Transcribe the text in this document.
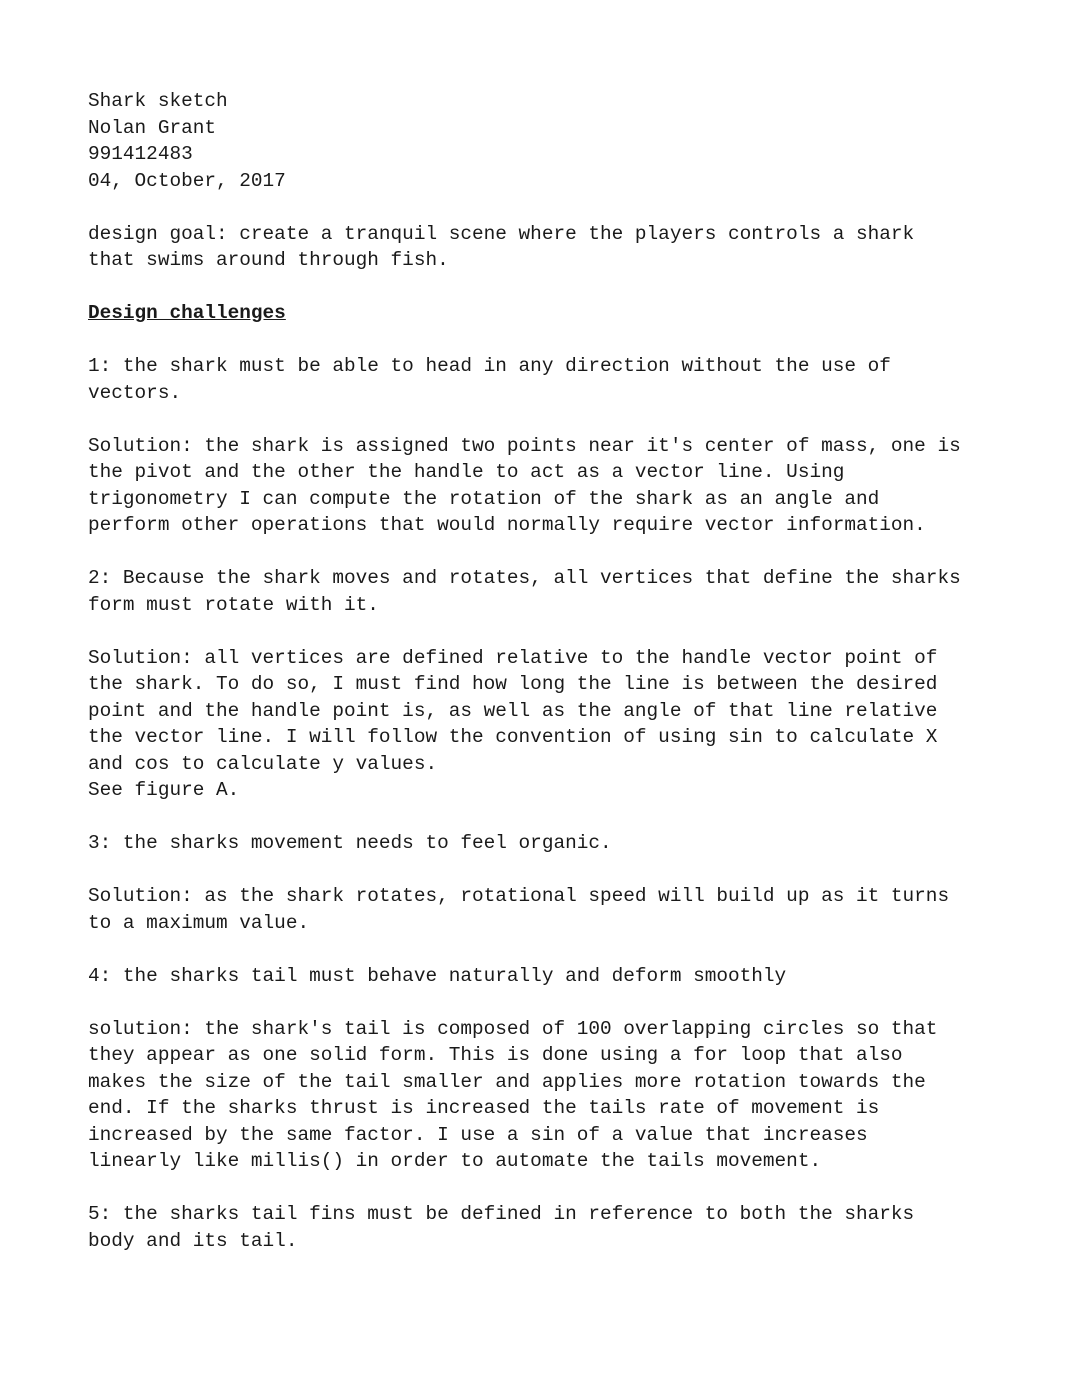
Shark sketch
Nolan Grant
991412483
04, October, 2017
design goal: create a tranquil scene where the players controls a shark
that swims around through fish.
Design challenges
1: the shark must be able to head in any direction without the use of
vectors.
Solution: the shark is assigned two points near it's center of mass, one is
the pivot and the other the handle to act as a vector line. Using
trigonometry I can compute the rotation of the shark as an angle and
perform other operations that would normally require vector information.
2: Because the shark moves and rotates, all vertices that define the sharks
form must rotate with it.
Solution: all vertices are defined relative to the handle vector point of
the shark. To do so, I must find how long the line is between the desired
point and the handle point is, as well as the angle of that line relative
the vector line. I will follow the convention of using sin to calculate X
and cos to calculate y values.
See figure A.
3: the sharks movement needs to feel organic.
Solution: as the shark rotates, rotational speed will build up as it turns
to a maximum value.
4: the sharks tail must behave naturally and deform smoothly
solution: the shark's tail is composed of 100 overlapping circles so that
they appear as one solid form. This is done using a for loop that also
makes the size of the tail smaller and applies more rotation towards the
end. If the sharks thrust is increased the tails rate of movement is
increased by the same factor. I use a sin of a value that increases
linearly like millis() in order to automate the tails movement.
5: the sharks tail fins must be defined in reference to both the sharks
body and its tail.
